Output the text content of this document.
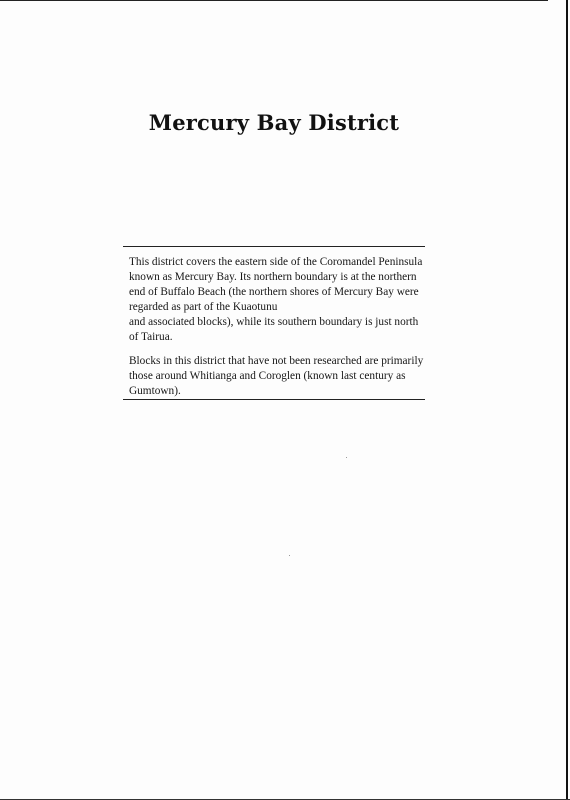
Mercury Bay District

This district covers the eastern side of the Coromandel Peninsula
known as Mercury Bay. Its northern boundary is at the northern
end of Buffalo Beach (the northern shores of Mercury Bay were
regarded as part of the Kuaotunu
and associated blocks), while its southern boundary is just north
of Tairua.

Blocks in this district that have not been researched are primarily
those around Whitianga and Coroglen (known last century as
Gumtown).
